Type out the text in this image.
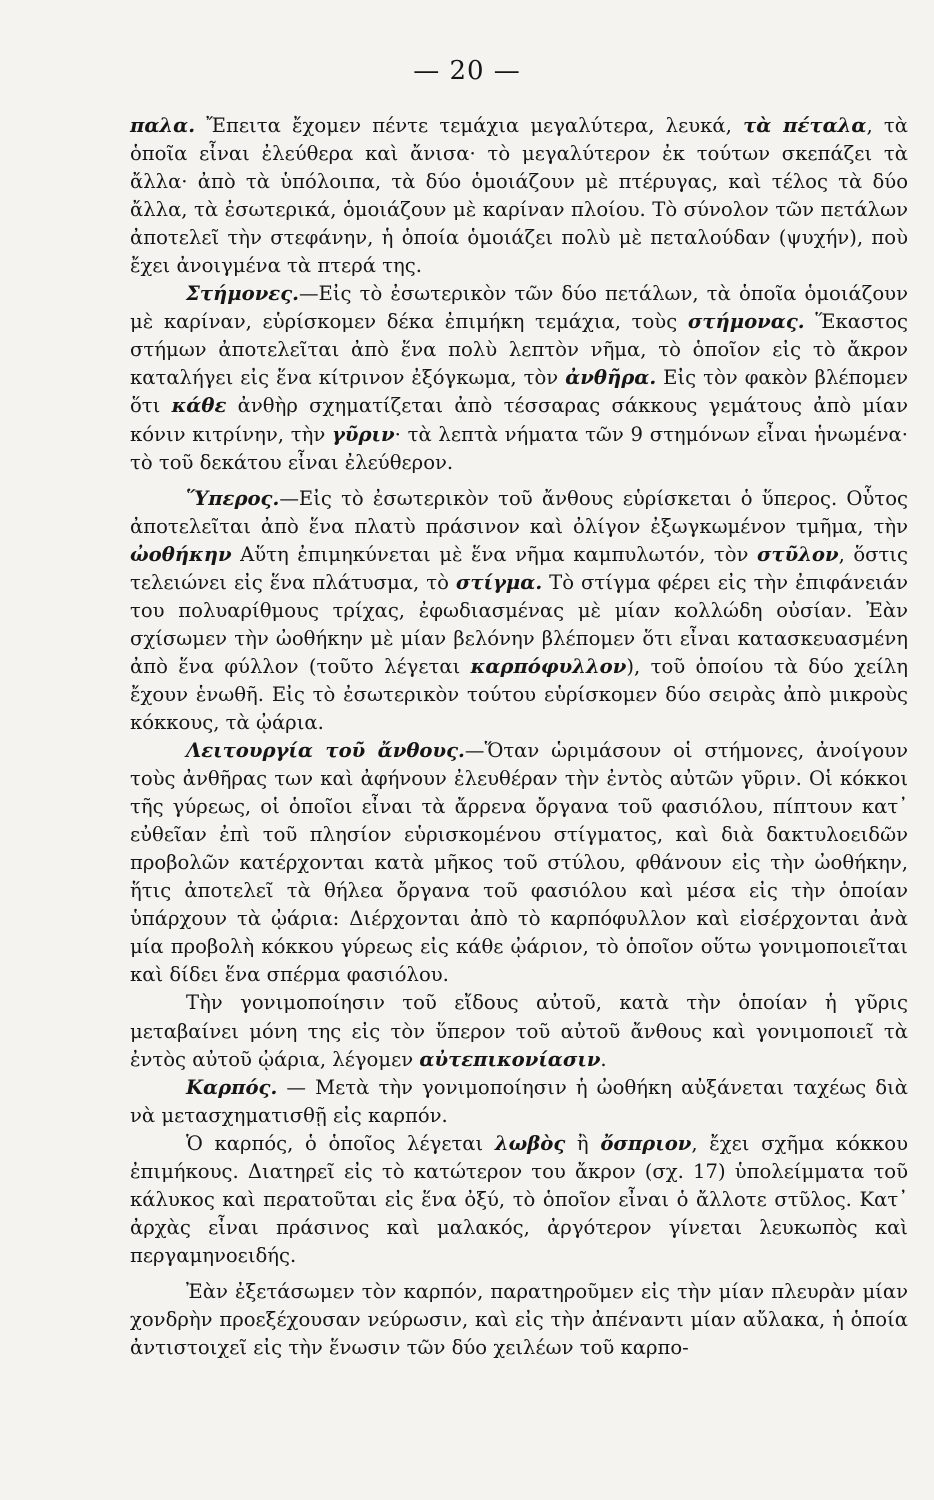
— 20 —

παλα. Ἔπειτα ἔχομεν πέντε τεμάχια μεγαλύτερα, λευκά, τὰ πέταλα, τὰ ὁποῖα εἶναι ἐλεύθερα καὶ ἄνισα· τὸ μεγαλύτερον ἐκ τούτων σκεπάζει τὰ ἄλλα· ἀπὸ τὰ ὑπόλοιπα, τὰ δύο ὁμοιάζουν μὲ πτέρυγας, καὶ τέλος τὰ δύο ἄλλα, τὰ ἐσωτερικά, ὁμοιάζουν μὲ καρίναν πλοίου. Τὸ σύνολον τῶν πετάλων ἀποτελεῖ τὴν στεφάνην, ἡ ὁποία ὁμοιάζει πολὺ μὲ πεταλούδαν (ψυχήν), ποὺ ἔχει ἀνοιγμένα τὰ πτερά της.

Στήμονες.—Εἰς τὸ ἐσωτερικὸν τῶν δύο πετάλων, τὰ ὁποῖα ὁμοιάζουν μὲ καρίναν, εὑρίσκομεν δέκα ἐπιμήκη τεμάχια, τοὺς στήμονας. Ἕκαστος στήμων ἀποτελεῖται ἀπὸ ἕνα πολὺ λεπτὸν νῆμα, τὸ ὁποῖον εἰς τὸ ἄκρον καταλήγει εἰς ἕνα κίτρινον ἐξόγκωμα, τὸν ἀνθῆρα. Εἰς τὸν φακὸν βλέπομεν ὅτι κάθε ἀνθὴρ σχηματίζεται ἀπὸ τέσσαρας σάκκους γεμάτους ἀπὸ μίαν κόνιν κιτρίνην, τὴν γῦριν· τὰ λεπτὰ νήματα τῶν 9 στημόνων εἶναι ἡνωμένα· τὸ τοῦ δεκάτου εἶναι ἐλεύθερον.

Ὕπερος.—Εἰς τὸ ἐσωτερικὸν τοῦ ἄνθους εὑρίσκεται ὁ ὕπερος. Οὗτος ἀποτελεῖται ἀπὸ ἕνα πλατὺ πράσινον καὶ ὀλίγον ἐξωγκωμένον τμῆμα, τὴν ὠοθήκην Αὕτη ἐπιμηκύνεται μὲ ἕνα νῆμα καμπυλωτόν, τὸν στῦλον, ὅστις τελειώνει εἰς ἕνα πλάτυσμα, τὸ στίγμα. Τὸ στίγμα φέρει εἰς τὴν ἐπιφάνειάν του πολυαρίθμους τρίχας, ἐφωδιασμένας μὲ μίαν κολλώδη οὐσίαν. Ἐὰν σχίσωμεν τὴν ὠοθήκην μὲ μίαν βελόνην βλέπομεν ὅτι εἶναι κατασκευασμένη ἀπὸ ἕνα φύλλον (τοῦτο λέγεται καρπόφυλλον), τοῦ ὁποίου τὰ δύο χείλη ἔχουν ἑνωθῆ. Εἰς τὸ ἐσωτερικὸν τούτου εὑρίσκομεν δύο σειρὰς ἀπὸ μικροὺς κόκκους, τὰ ᾠάρια.

Λειτουργία τοῦ ἄνθους.—Ὅταν ὡριμάσουν οἱ στήμονες, ἀνοίγουν τοὺς ἀνθῆρας των καὶ ἀφήνουν ἐλευθέραν τὴν ἐντὸς αὐτῶν γῦριν. Οἱ κόκκοι τῆς γύρεως, οἱ ὁποῖοι εἶναι τὰ ἄρρενα ὄργανα τοῦ φασιόλου, πίπτουν κατ᾽ εὐθεῖαν ἐπὶ τοῦ πλησίον εὑρισκομένου στίγματος, καὶ διὰ δακτυλοειδῶν προβολῶν κατέρχονται κατὰ μῆκος τοῦ στύλου, φθάνουν εἰς τὴν ὠοθήκην, ἥτις ἀποτελεῖ τὰ θήλεα ὄργανα τοῦ φασιόλου καὶ μέσα εἰς τὴν ὁποίαν ὑπάρχουν τὰ ᾠάρια: Διέρχονται ἀπὸ τὸ καρπόφυλλον καὶ εἰσέρχονται ἀνὰ μία προβολὴ κόκκου γύρεως εἰς κάθε ᾠάριον, τὸ ὁποῖον οὕτω γονιμοποιεῖται καὶ δίδει ἕνα σπέρμα φασιόλου.

Τὴν γονιμοποίησιν τοῦ εἴδους αὐτοῦ, κατὰ τὴν ὁποίαν ἡ γῦρις μεταβαίνει μόνη της εἰς τὸν ὕπερον τοῦ αὐτοῦ ἄνθους καὶ γονιμοποιεῖ τὰ ἐντὸς αὐτοῦ ᾠάρια, λέγομεν αὐτεπικονίασιν.

Καρπός. — Μετὰ τὴν γονιμοποίησιν ἡ ὠοθήκη αὐξάνεται ταχέως διὰ νὰ μετασχηματισθῇ εἰς καρπόν.

Ὁ καρπός, ὁ ὁποῖος λέγεται λωβὸς ἢ ὄσπριον, ἔχει σχῆμα κόκκου ἐπιμήκους. Διατηρεῖ εἰς τὸ κατώτερον του ἄκρον (σχ. 17) ὑπολείμματα τοῦ κάλυκος καὶ περατοῦται εἰς ἕνα ὀξύ, τὸ ὁποῖον εἶναι ὁ ἄλλοτε στῦλος. Κατ᾽ ἀρχὰς εἶναι πράσινος καὶ μαλακός, ἀργότερον γίνεται λευκωπὸς καὶ περγαμηνοειδής.

Ἐὰν ἐξετάσωμεν τὸν καρπόν, παρατηροῦμεν εἰς τὴν μίαν πλευρὰν μίαν χονδρὴν προεξέχουσαν νεύρωσιν, καὶ εἰς τὴν ἀπέναντι μίαν αὔλακα, ἡ ὁποία ἀντιστοιχεῖ εἰς τὴν ἕνωσιν τῶν δύο χειλέων τοῦ καρπο-
